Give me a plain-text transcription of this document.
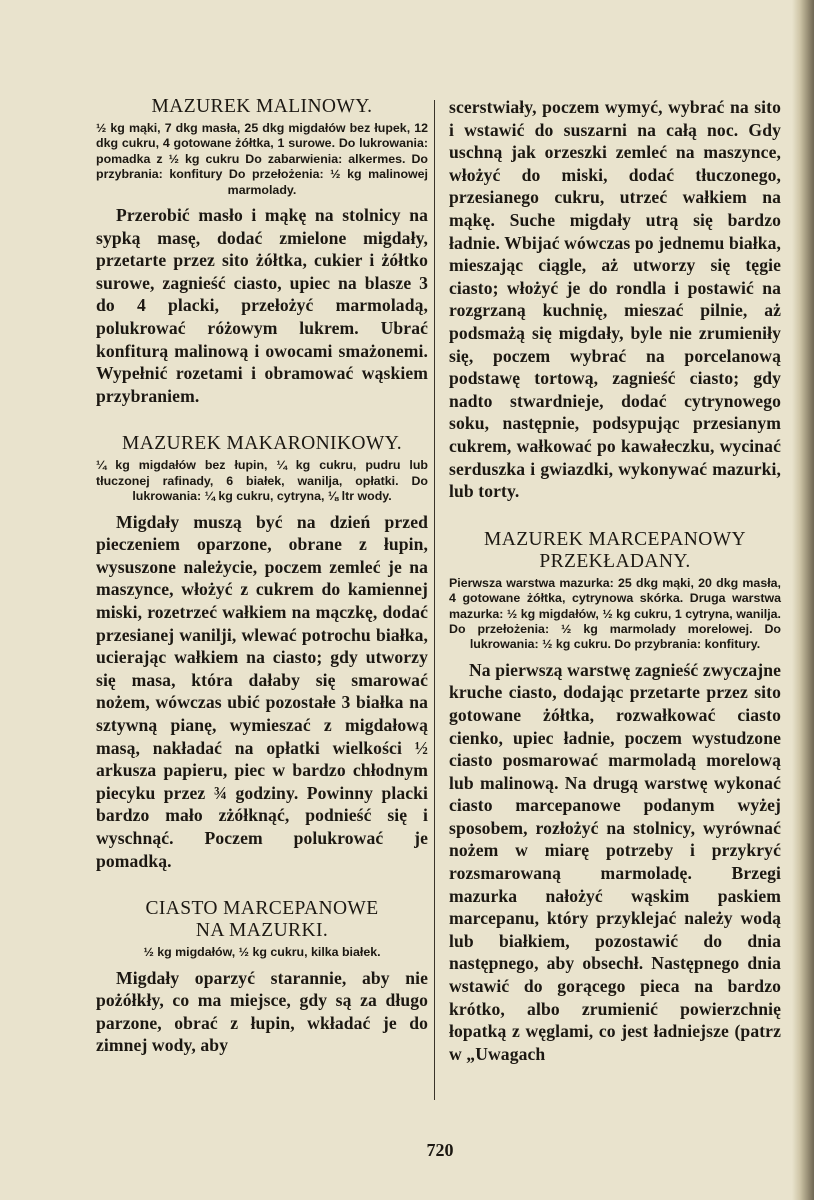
MAZUREK MALINOWY.

½ kg mąki, 7 dkg masła, 25 dkg migdałów bez łupek, 12 dkg cukru, 4 gotowane żółtka, 1 surowe. Do lukrowania: pomadka z ½ kg cukru Do zabarwienia: alkermes. Do przybrania: konfitury Do przełożenia: ½ kg malinowej marmolady.

Przerobić masło i mąkę na stolnicy na sypką masę, dodać zmielone migdały, przetarte przez sito żółtka, cukier i żółtko surowe, zagnieść ciasto, upiec na blasze 3 do 4 placki, przełożyć marmoladą, polukrować różowym lukrem. Ubrać konfiturą malinową i owocami smażonemi. Wypełnić rozetami i obramować wąskiem przybraniem.

MAZUREK MAKARONIKOWY.

¼ kg migdałów bez łupin, ¼ kg cukru, pudru lub tłuczonej rafinady, 6 białek, wanilja, opłatki. Do lukrowania: ¼ kg cukru, cytryna, ⅛ ltr wody.

Migdały muszą być na dzień przed pieczeniem oparzone, obrane z łupin, wysuszone należycie, poczem zemleć je na maszynce, włożyć z cukrem do kamiennej miski, rozetrzeć wałkiem na mączkę, dodać przesianej wanilji, wlewać potrochu białka, ucierając wałkiem na ciasto; gdy utworzy się masa, która dałaby się smarować nożem, wówczas ubić pozostałe 3 białka na sztywną pianę, wymieszać z migdałową masą, nakładać na opłatki wielkości ½ arkusza papieru, piec w bardzo chłodnym piecyku przez ¾ godziny. Powinny placki bardzo mało zżółknąć, podnieść się i wyschnąć. Poczem polukrować je pomadką.

CIASTO MARCEPANOWE
NA MAZURKI.

½ kg migdałów, ½ kg cukru, kilka białek.

Migdały oparzyć starannie, aby nie pożółkły, co ma miejsce, gdy są za długo parzone, obrać z łupin, wkładać je do zimnej wody, aby

scerstwiały, poczem wymyć, wybrać na sito i wstawić do suszarni na całą noc. Gdy uschną jak orzeszki zemleć na maszynce, włożyć do miski, dodać tłuczonego, przesianego cukru, utrzeć wałkiem na mąkę. Suche migdały utrą się bardzo ładnie. Wbijać wówczas po jednemu białka, mieszając ciągle, aż utworzy się tęgie ciasto; włożyć je do rondla i postawić na rozgrzaną kuchnię, mieszać pilnie, aż podsmażą się migdały, byle nie zrumieniły się, poczem wybrać na porcelanową podstawę tortową, zagnieść ciasto; gdy nadto stwardnieje, dodać cytrynowego soku, następnie, podsypując przesianym cukrem, wałkować po kawałeczku, wycinać serduszka i gwiazdki, wykonywać mazurki, lub torty.

MAZUREK MARCEPANOWY
PRZEKŁADANY.

Pierwsza warstwa mazurka: 25 dkg mąki, 20 dkg masła, 4 gotowane żółtka, cytrynowa skórka. Druga warstwa mazurka: ½ kg migdałów, ½ kg cukru, 1 cytryna, wanilja. Do przełożenia: ½ kg marmolady morelowej. Do lukrowania: ½ kg cukru. Do przybrania: konfitury.

Na pierwszą warstwę zagnieść zwyczajne kruche ciasto, dodając przetarte przez sito gotowane żółtka, rozwałkować ciasto cienko, upiec ładnie, poczem wystudzone ciasto posmarować marmoladą morelową lub malinową. Na drugą warstwę wykonać ciasto marcepanowe podanym wyżej sposobem, rozłożyć na stolnicy, wyrównać nożem w miarę potrzeby i przykryć rozsmarowaną marmoladę. Brzegi mazurka nałożyć wąskim paskiem marcepanu, który przyklejać należy wodą lub białkiem, pozostawić do dnia następnego, aby obsechł. Następnego dnia wstawić do gorącego pieca na bardzo krótko, albo zrumienić powierzchnię łopatką z węglami, co jest ładniejsze (patrz w „Uwagach

720
